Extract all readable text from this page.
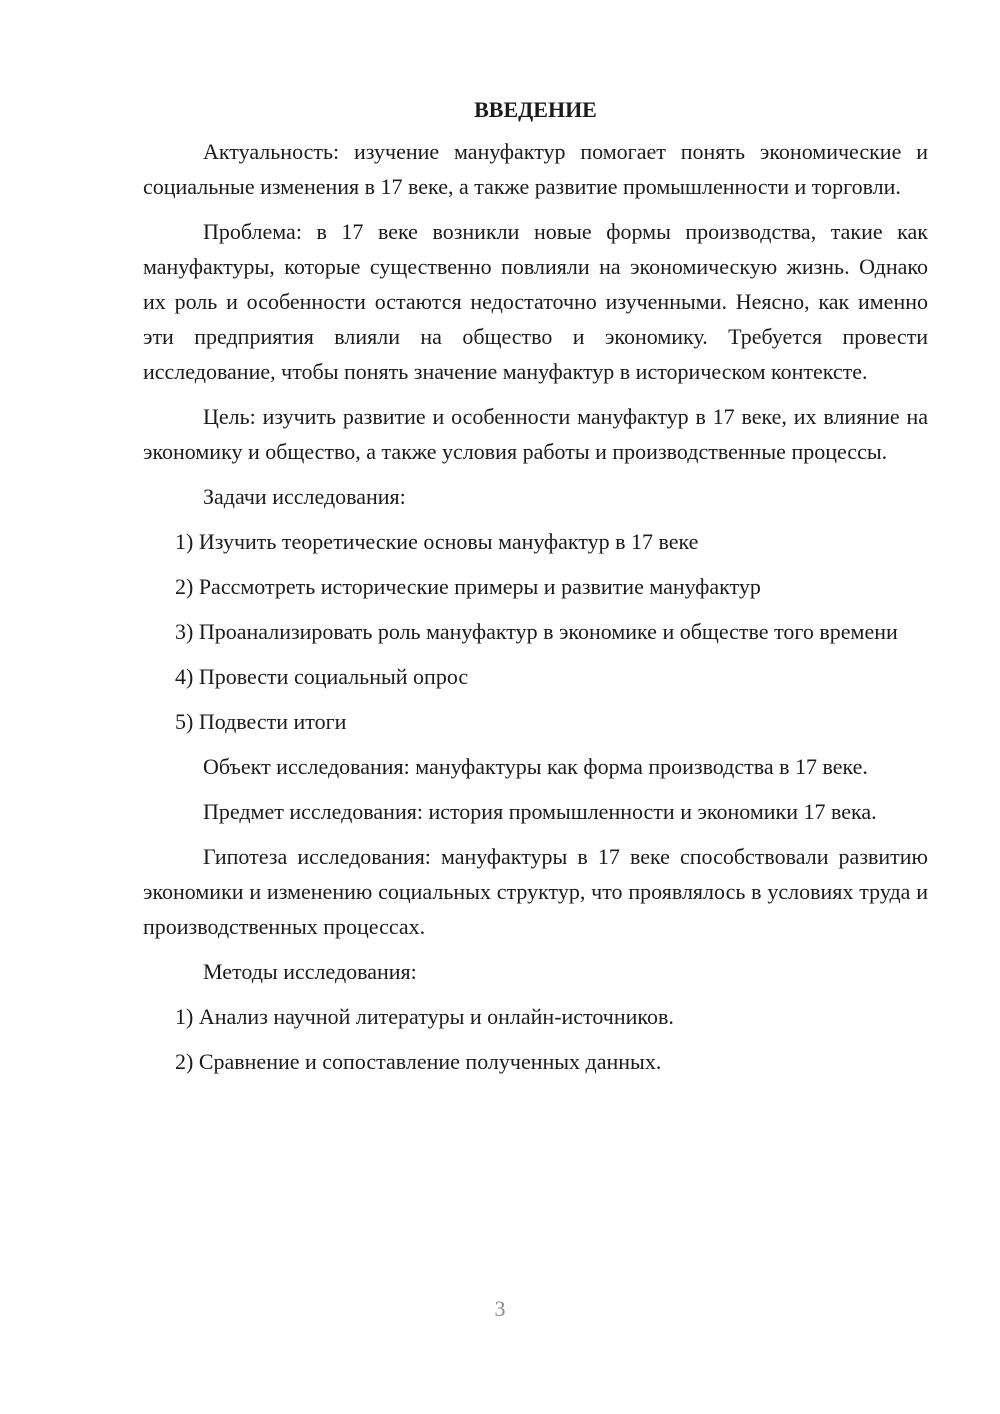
ВВЕДЕНИЕ

Актуальность: изучение мануфактур помогает понять экономические и социальные изменения в 17 веке, а также развитие промышленности и торговли.

Проблема: в 17 веке возникли новые формы производства, такие как мануфактуры, которые существенно повлияли на экономическую жизнь. Однако их роль и особенности остаются недостаточно изученными. Неясно, как именно эти предприятия влияли на общество и экономику. Требуется провести исследование, чтобы понять значение мануфактур в историческом контексте.

Цель: изучить развитие и особенности мануфактур в 17 веке, их влияние на экономику и общество, а также условия работы и производственные процессы.

Задачи исследования:

1) Изучить теоретические основы мануфактур в 17 веке

2) Рассмотреть исторические примеры и развитие мануфактур

3) Проанализировать роль мануфактур в экономике и обществе того времени

4) Провести социальный опрос

5) Подвести итоги

Объект исследования: мануфактуры как форма производства в 17 веке.

Предмет исследования: история промышленности и экономики 17 века.

Гипотеза исследования: мануфактуры в 17 веке способствовали развитию экономики и изменению социальных структур, что проявлялось в условиях труда и производственных процессах.

Методы исследования:

1) Анализ научной литературы и онлайн-источников.

2) Сравнение и сопоставление полученных данных.

3
